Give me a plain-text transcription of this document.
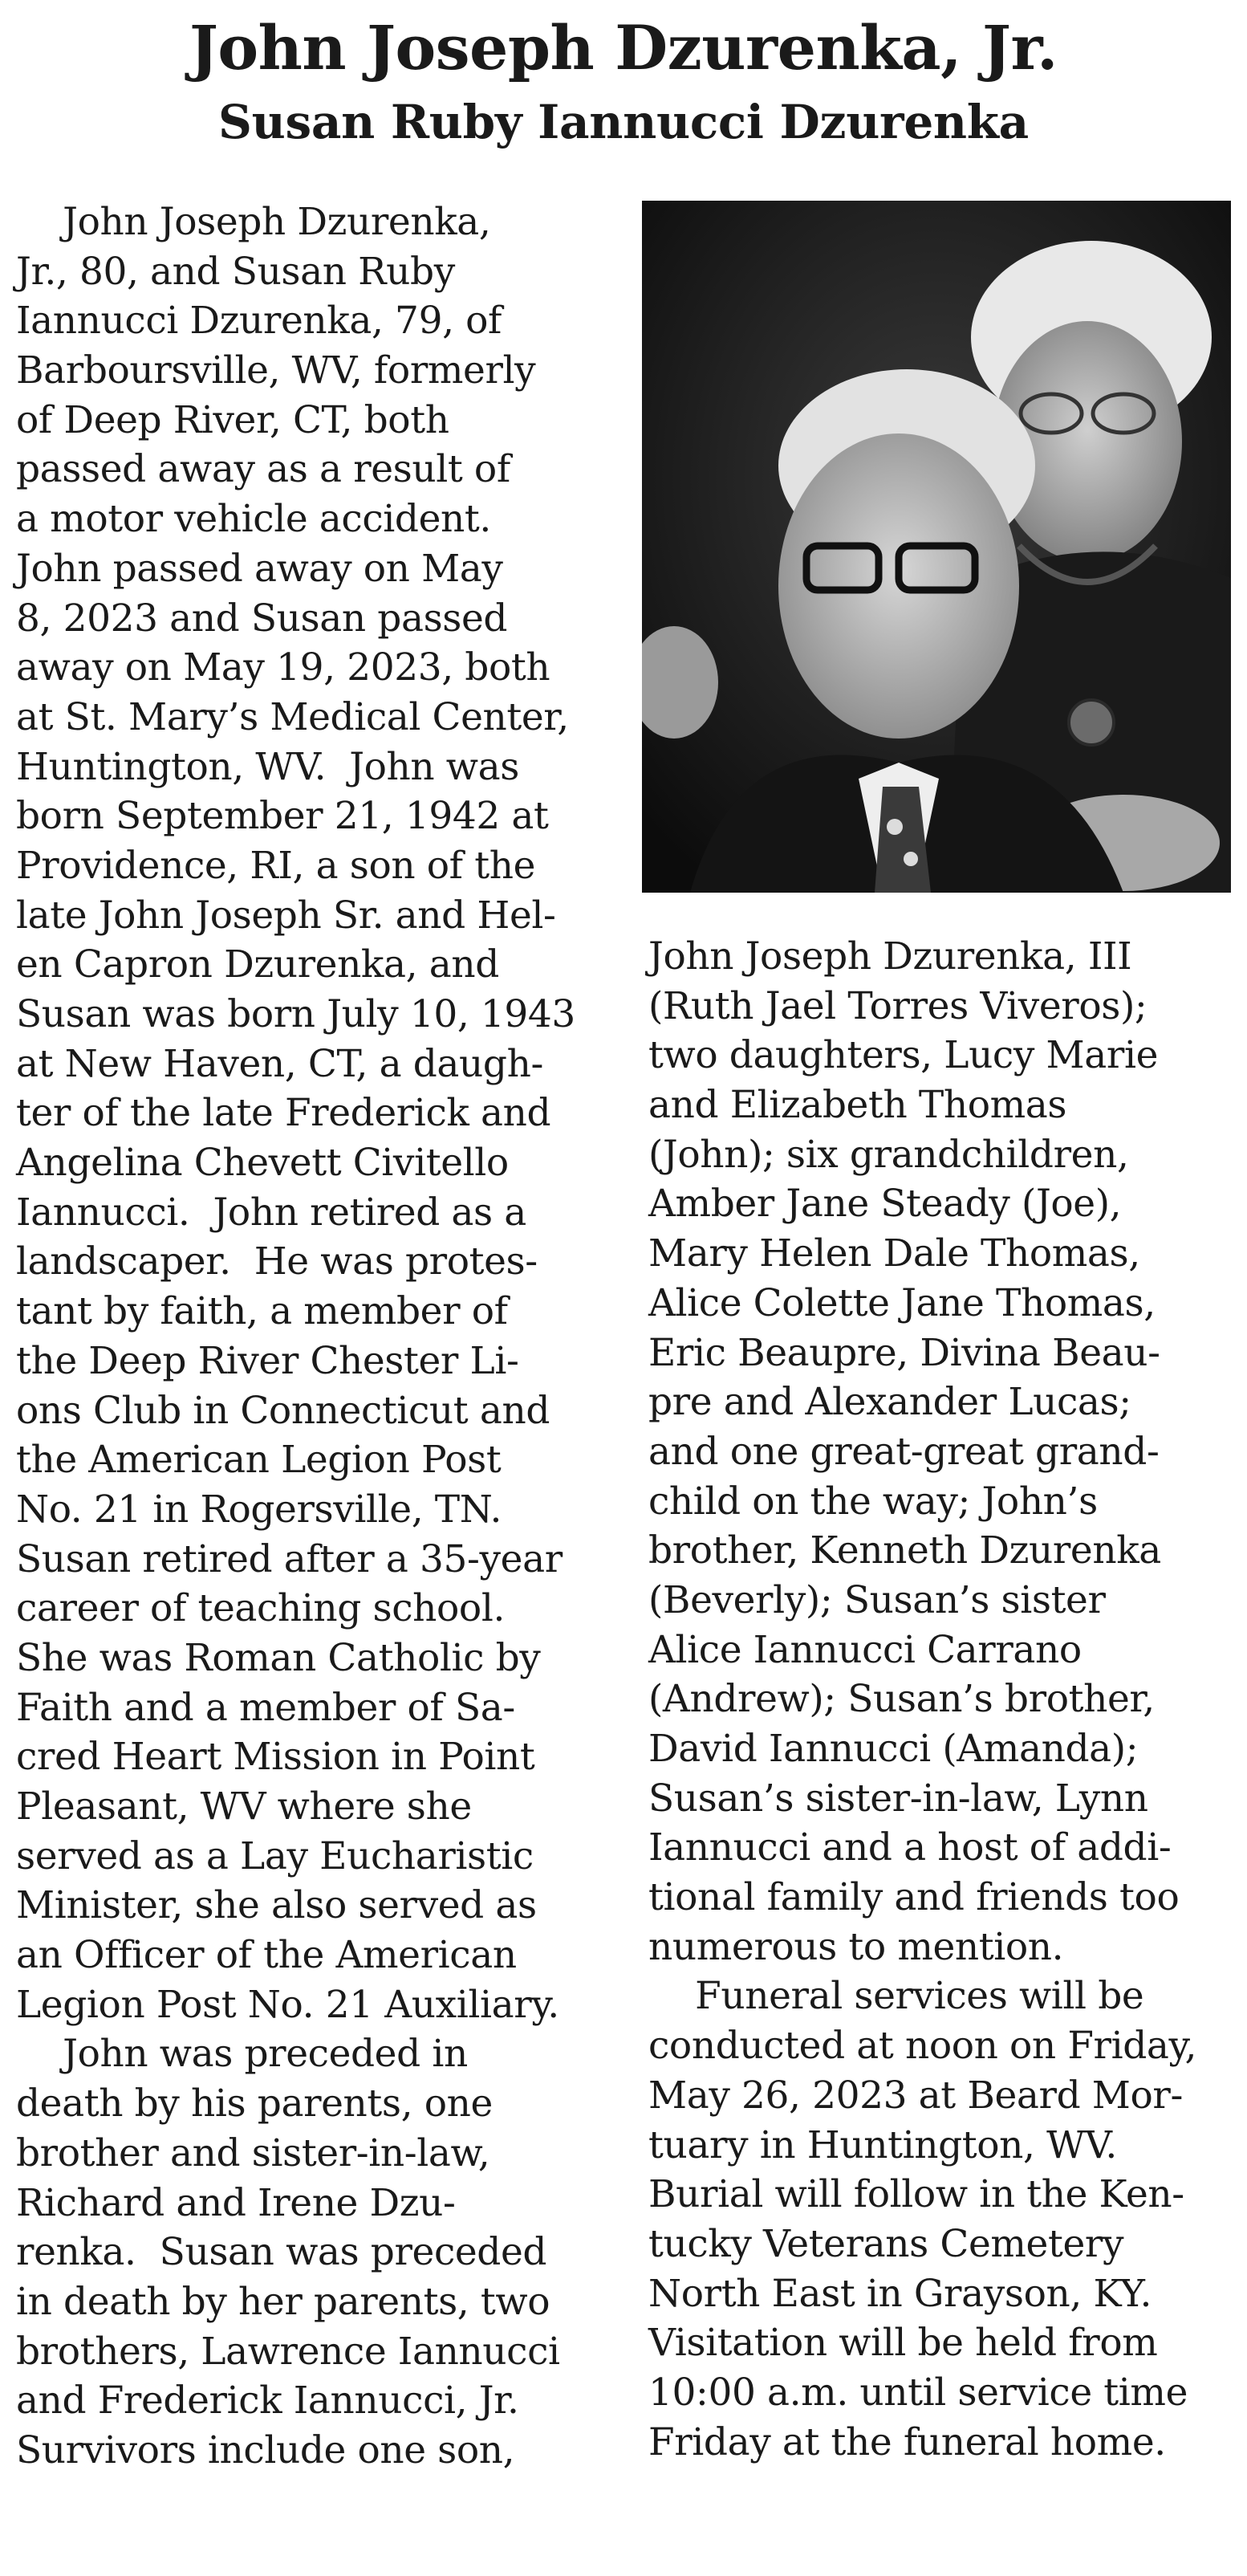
John Joseph Dzurenka, Jr.
Susan Ruby Iannucci Dzurenka
John Joseph Dzurenka,
Jr., 80, and Susan Ruby
Iannucci Dzurenka, 79, of
Barboursville, WV, formerly
of Deep River, CT, both
passed away as a result of
a motor vehicle accident.
John passed away on May
8, 2023 and Susan passed
away on May 19, 2023, both
at St. Mary’s Medical Center,
Huntington, WV.  John was
born September 21, 1942 at
Providence, RI, a son of the
late John Joseph Sr. and Hel-
en Capron Dzurenka, and
Susan was born July 10, 1943
at New Haven, CT, a daugh-
ter of the late Frederick and
Angelina Chevett Civitello
Iannucci.  John retired as a
landscaper.  He was protes-
tant by faith, a member of
the Deep River Chester Li-
ons Club in Connecticut and
the American Legion Post
No. 21 in Rogersville, TN.
Susan retired after a 35-year
career of teaching school.
She was Roman Catholic by
Faith and a member of Sa-
cred Heart Mission in Point
Pleasant, WV where she
served as a Lay Eucharistic
Minister, she also served as
an Officer of the American
Legion Post No. 21 Auxiliary.
John was preceded in
death by his parents, one
brother and sister-in-law,
Richard and Irene Dzu-
renka.  Susan was preceded
in death by her parents, two
brothers, Lawrence Iannucci
and Frederick Iannucci, Jr.
Survivors include one son,
John Joseph Dzurenka, III
(Ruth Jael Torres Viveros);
two daughters, Lucy Marie
and Elizabeth Thomas
(John); six grandchildren,
Amber Jane Steady (Joe),
Mary Helen Dale Thomas,
Alice Colette Jane Thomas,
Eric Beaupre, Divina Beau-
pre and Alexander Lucas;
and one great-great grand-
child on the way; John’s
brother, Kenneth Dzurenka
(Beverly); Susan’s sister
Alice Iannucci Carrano
(Andrew); Susan’s brother,
David Iannucci (Amanda);
Susan’s sister-in-law, Lynn
Iannucci and a host of addi-
tional family and friends too
numerous to mention.
Funeral services will be
conducted at noon on Friday,
May 26, 2023 at Beard Mor-
tuary in Huntington, WV.
Burial will follow in the Ken-
tucky Veterans Cemetery
North East in Grayson, KY.
Visitation will be held from
10:00 a.m. until service time
Friday at the funeral home.
